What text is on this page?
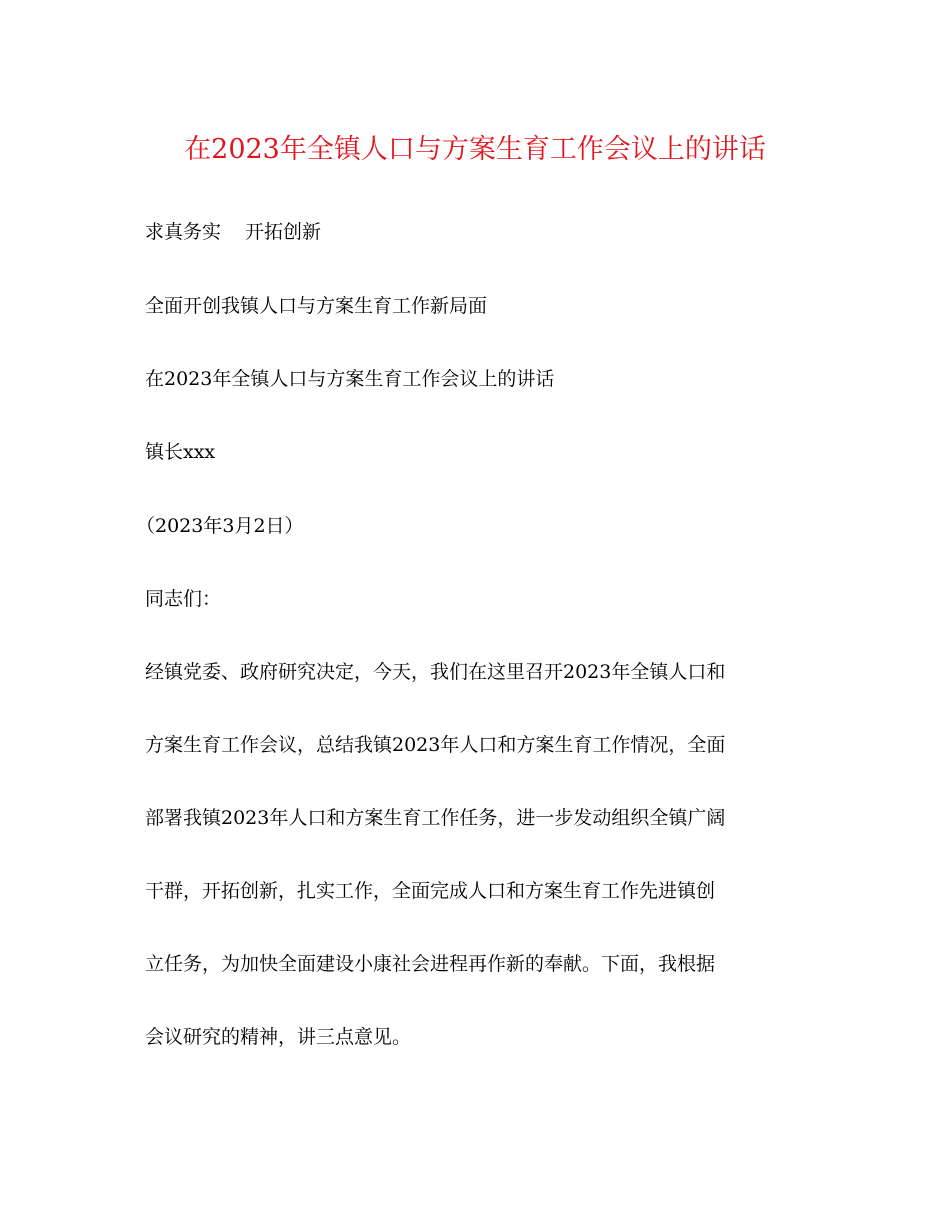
在2023年全镇人口与方案生育工作会议上的讲话
求真务实 开拓创新
全面开创我镇人口与方案生育工作新局面
在2023年全镇人口与方案生育工作会议上的讲话
镇长xxx
（2023年3月2日）
同志们：
经镇党委、政府研究决定，今天，我们在这里召开2023年全镇人口和
方案生育工作会议，总结我镇2023年人口和方案生育工作情况，全面
部署我镇2023年人口和方案生育工作任务，进一步发动组织全镇广阔
干群，开拓创新，扎实工作，全面完成人口和方案生育工作先进镇创
立任务，为加快全面建设小康社会进程再作新的奉献。下面，我根据
会议研究的精神，讲三点意见。
